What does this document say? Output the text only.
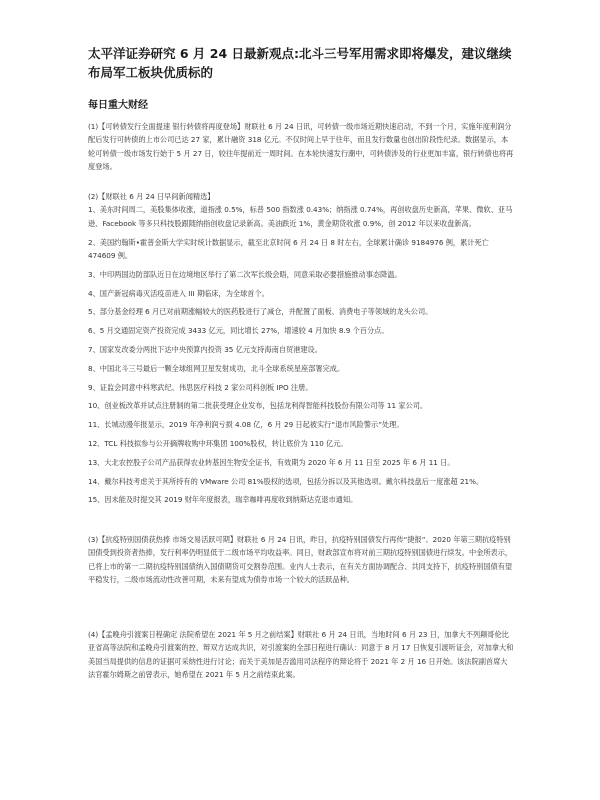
太平洋证券研究 6 月 24 日最新观点:北斗三号军用需求即将爆发，建议继续布局军工板块优质标的
每日重大财经

(1)【可转债发行全面提速 银行转债将再度登场】财联社 6 月 24 日讯，可转债一级市场近期快速启动，不到一个月，实施年度利润分配后发行可转债的上市公司已达 27 家，累计融资 318 亿元。不仅时间上早于往年，而且发行数量也创出阶段性纪录。数据显示，本轮可转债一级市场发行始于 5 月 27 日，较往年提前近一周时间。在本轮快速发行潮中，可转债涉及的行业更加丰富，银行转债也将再度登场。

(2)【财联社 6 月 24 日早间新闻精选】

1、美东时间周二，美股集体收涨，道指涨 0.5%，标普 500 指数涨 0.43%；纳指涨 0.74%，再创收盘历史新高，苹果、微软、亚马逊、Facebook 等多只科技股跟随纳指创收盘记录新高。美油跌近 1%，黄金期货收涨 0.9%，创 2012 年以来收盘新高。
2、美国约翰斯•霍普金斯大学实时统计数据显示，截至北京时间 6 月 24 日 8 时左右，全球累计确诊 9184976 例，累计死亡 474609 例。
3、中印两国边防部队近日在边境地区举行了第二次军长级会晤，同意采取必要措施推动事态降温。
4、国产新冠病毒灭活疫苗进入 III 期临床，为全球首个。
5、部分基金经理 6 月已对前期涨幅较大的医药股进行了减仓，并配置了面板、消费电子等领域的龙头公司。
6、5 月交通固定资产投资完成 3433 亿元，同比增长 27%，增速较 4 月加快 8.9 个百分点。
7、国家发改委分两批下达中央预算内投资 35 亿元支持海南自贸港建设。
8、中国北斗三号最后一颗全球组网卫星发射成功，北斗全球系统星座部署完成。
9、证监会同意中科寒武纪、伟思医疗科技 2 家公司科创板 IPO 注册。
10、创业板改革并试点注册制的第二批获受理企业发布，包括龙利得智能科技股份有限公司等 11 家公司。
11、长城动漫年报显示，2019 年净利润亏损 4.08 亿，6 月 29 日起被实行“退市风险警示”处理。
12、TCL 科技拟参与公开摘牌收购中环集团 100%股权，转让底价为 110 亿元。
13、大北农控股子公司产品获得农业转基因生物安全证书，有效期为 2020 年 6 月 11 日至 2025 年 6 月 11 日。
14、戴尔科技考虑关于其所持有的 VMware 公司 81%股权的选项，包括分拆以及其他选项。戴尔科技盘后一度涨超 21%。
15、因未能及时提交其 2019 财年年度报表，瑞幸咖啡再度收到纳斯达克退市通知。

(3)【抗疫特别国债获热捧 市场交易活跃可期】财联社 6 月 24 日讯，昨日，抗疫特别国债发行再传“捷报”。2020 年第三期抗疫特别国债受到投资者热捧，发行利率仍明显低于二级市场平均收益率。同日，财政部宣布将对前三期抗疫特别国债进行续发。中金所表示，已将上市的第一二期抗疫特别国债纳入国债期货可交割券范围。业内人士表示，在有关方面协调配合、共同支持下，抗疫特别国债有望平稳发行，二级市场流动性改善可期，未来有望成为债券市场一个较大的活跃品种。

(4)【孟晚舟引渡案日程确定 法院希望在 2021 年 5 月之前结案】财联社 6 月 24 日讯，当地时间 6 月 23 日，加拿大不列颠哥伦比亚省高等法院和孟晚舟引渡案的控、辩双方达成共识，对引渡案的全部日程进行确认：同意于 8 月 17 日恢复引渡听证会，对加拿大和美国当局提供的信息的证据可采纳性进行讨论；而关于美加是否滥用司法程序的辩论将于 2021 年 2 月 16 日开始。该法院副首席大法官霍尔姆斯之前曾表示，她希望在 2021 年 5 月之前结束此案。
